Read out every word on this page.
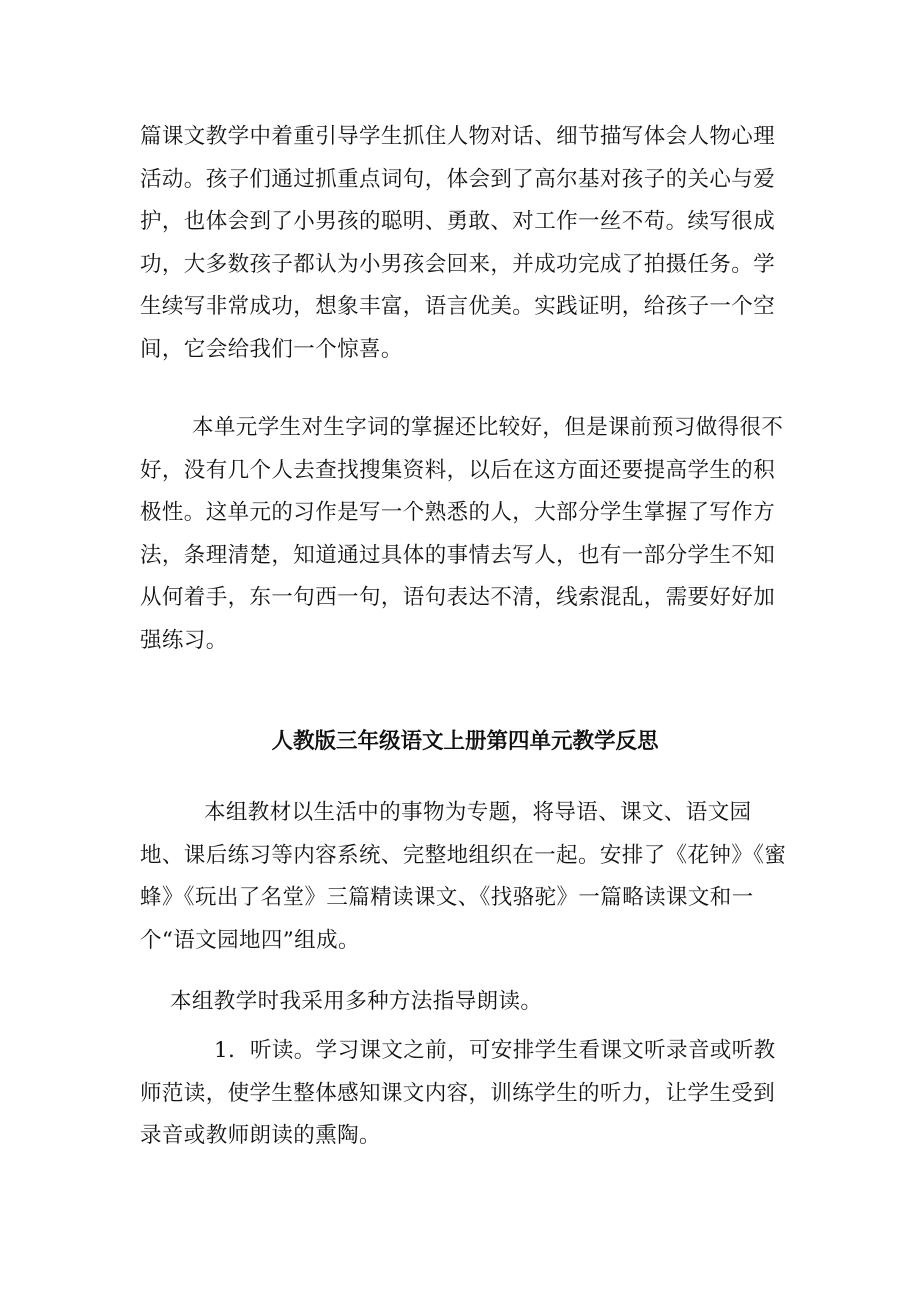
篇课文教学中着重引导学生抓住人物对话、细节描写体会人物心理活动。孩子们通过抓重点词句，体会到了高尔基对孩子的关心与爱护，也体会到了小男孩的聪明、勇敢、对工作一丝不苟。续写很成功，大多数孩子都认为小男孩会回来，并成功完成了拍摄任务。学生续写非常成功，想象丰富，语言优美。实践证明，给孩子一个空间，它会给我们一个惊喜。

本单元学生对生字词的掌握还比较好，但是课前预习做得很不好，没有几个人去查找搜集资料，以后在这方面还要提高学生的积极性。这单元的习作是写一个熟悉的人，大部分学生掌握了写作方法，条理清楚，知道通过具体的事情去写人，也有一部分学生不知从何着手，东一句西一句，语句表达不清，线索混乱，需要好好加强练习。

人教版三年级语文上册第四单元教学反思

本组教材以生活中的事物为专题，将导语、课文、语文园地、课后练习等内容系统、完整地组织在一起。安排了《花钟》《蜜蜂》《玩出了名堂》三篇精读课文、《找骆驼》一篇略读课文和一个“语文园地四”组成。

本组教学时我采用多种方法指导朗读。

1．听读。学习课文之前，可安排学生看课文听录音或听教师范读，使学生整体感知课文内容，训练学生的听力，让学生受到录音或教师朗读的熏陶。
